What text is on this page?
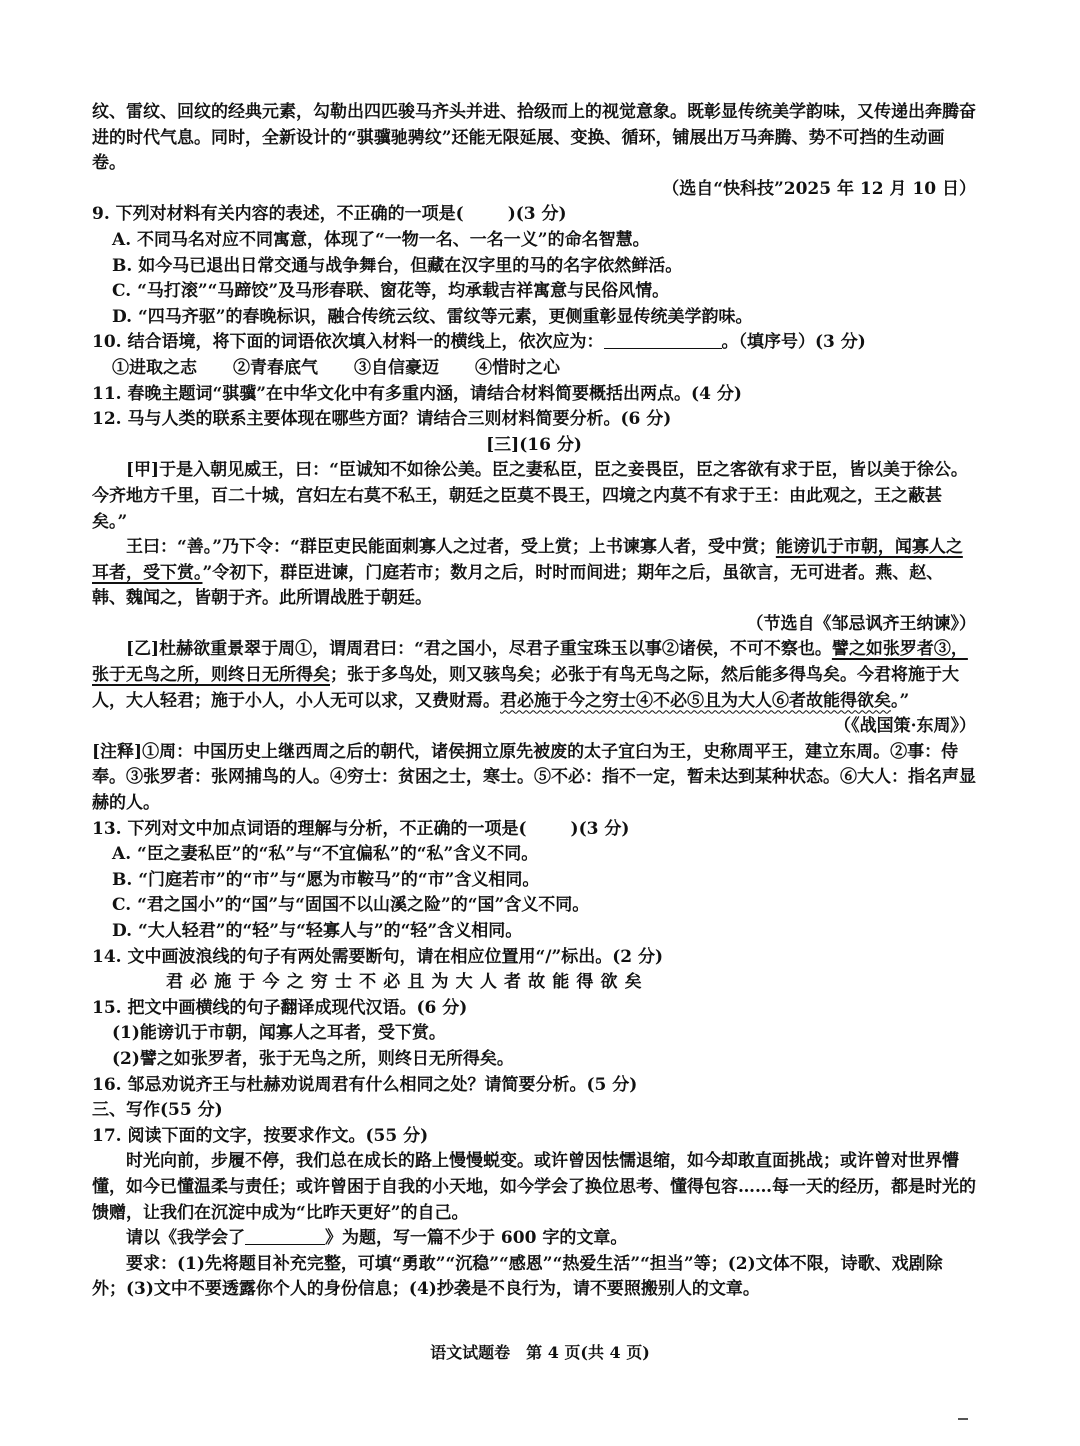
纹、雷纹、回纹的经典元素，勾勒出四匹骏马齐头并进、拾级而上的视觉意象。既彰显传统美学韵味，又传递出奔腾奋进的时代气息。同时，全新设计的“骐骥驰骋纹”还能无限延展、变换、循环，铺展出万马奔腾、势不可挡的生动画卷。

（选自“快科技”2025 年 12 月 10 日）

9. 下列对材料有关内容的表述，不正确的一项是(	)(3 分)

A. 不同马名对应不同寓意，体现了“一物一名、一名一义”的命名智慧。

B. 如今马已退出日常交通与战争舞台，但藏在汉字里的马的名字依然鲜活。

C. “马打滚”“马蹄饺”及马形春联、窗花等，均承载吉祥寓意与民俗风情。

D. “四马齐驱”的春晚标识，融合传统云纹、雷纹等元素，更侧重彰显传统美学韵味。

10. 结合语境，将下面的词语依次填入材料一的横线上，依次应为：	。（填序号）(3 分)

①进取之志 ②青春底气 ③自信豪迈 ④惜时之心

11. 春晚主题词“骐骥”在中华文化中有多重内涵，请结合材料简要概括出两点。(4 分)

12. 马与人类的联系主要体现在哪些方面？请结合三则材料简要分析。(6 分)

[三](16 分)

[甲]于是入朝见威王，曰：“臣诚知不如徐公美。臣之妻私臣，臣之妾畏臣，臣之客欲有求于臣，皆以美于徐公。今齐地方千里，百二十城，宫妇左右莫不私王，朝廷之臣莫不畏王，四境之内莫不有求于王：由此观之，王之蔽甚矣。”

王曰：“善。”乃下令：“群臣吏民能面刺寡人之过者，受上赏；上书谏寡人者，受中赏；能谤讥于市朝，闻寡人之耳者，受下赏。”令初下，群臣进谏，门庭若市；数月之后，时时而间进；期年之后，虽欲言，无可进者。燕、赵、韩、魏闻之，皆朝于齐。此所谓战胜于朝廷。

（节选自《邹忌讽齐王纳谏》）

[乙]杜赫欲重景翠于周①，谓周君曰：“君之国小，尽君子重宝珠玉以事②诸侯，不可不察也。譬之如张罗者③，张于无鸟之所，则终日无所得矣；张于多鸟处，则又骇鸟矣；必张于有鸟无鸟之际，然后能多得鸟矣。今君将施于大人，大人轻君；施于小人，小人无可以求，又费财焉。君必施于今之穷士④不必⑤且为大人⑥者故能得欲矣。”

（《战国策·东周》）

[注释]①周：中国历史上继西周之后的朝代，诸侯拥立原先被废的太子宜臼为王，史称周平王，建立东周。②事：侍奉。③张罗者：张网捕鸟的人。④穷士：贫困之士，寒士。⑤不必：指不一定，暂未达到某种状态。⑥大人：指名声显赫的人。

13. 下列对文中加点词语的理解与分析，不正确的一项是(	)(3 分)

A. “臣之妻私臣”的“私”与“不宜偏私”的“私”含义不同。

B. “门庭若市”的“市”与“愿为市鞍马”的“市”含义相同。

C. “君之国小”的“国”与“固国不以山溪之险”的“国”含义不同。

D. “大人轻君”的“轻”与“轻寡人与”的“轻”含义相同。

14. 文中画波浪线的句子有两处需要断句，请在相应位置用“/”标出。(2 分)

君必施于今之穷士不必且为大人者故能得欲矣

15. 把文中画横线的句子翻译成现代汉语。(6 分)

(1)能谤讥于市朝，闻寡人之耳者，受下赏。

(2)譬之如张罗者，张于无鸟之所，则终日无所得矣。

16. 邹忌劝说齐王与杜赫劝说周君有什么相同之处？请简要分析。(5 分)

三、写作(55 分)

17. 阅读下面的文字，按要求作文。(55 分)

时光向前，步履不停，我们总在成长的路上慢慢蜕变。或许曾因怯懦退缩，如今却敢直面挑战；或许曾对世界懵懂，如今已懂温柔与责任；或许曾困于自我的小天地，如今学会了换位思考、懂得包容……每一天的经历，都是时光的馈赠，让我们在沉淀中成为“比昨天更好”的自己。

请以《我学会了	》为题，写一篇不少于 600 字的文章。

要求：(1)先将题目补充完整，可填“勇敢”“沉稳”“感恩”“热爱生活”“担当”等；(2)文体不限，诗歌、戏剧除外；(3)文中不要透露你个人的身份信息；(4)抄袭是不良行为，请不要照搬别人的文章。

语文试题卷　第 4 页(共 4 页)
